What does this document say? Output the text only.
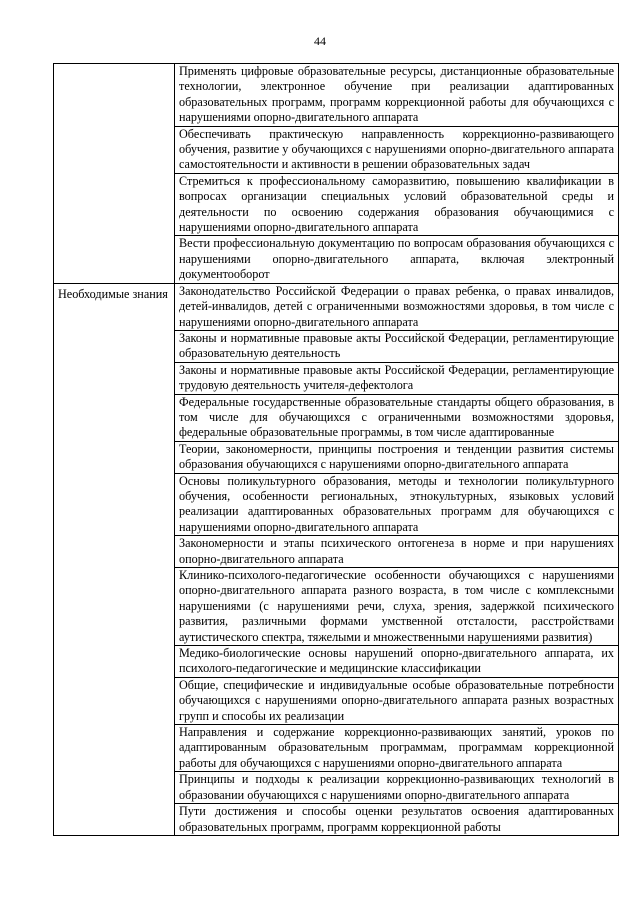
44
	Применять цифровые образовательные ресурсы, дистанционные образовательные технологии, электронное обучение при реализации адаптированных образовательных программ, программ коррекционной работы для обучающихся с нарушениями опорно-двигательного аппарата
	Обеспечивать практическую направленность коррекционно-развивающего обучения, развитие у обучающихся с нарушениями опорно-двигательного аппарата самостоятельности и активности в решении образовательных задач
	Стремиться к профессиональному саморазвитию, повышению квалификации в вопросах организации специальных условий образовательной среды и деятельности по освоению содержания образования обучающимися с нарушениями опорно-двигательного аппарата
	Вести профессиональную документацию по вопросам образования обучающихся с нарушениями опорно-двигательного аппарата, включая электронный документооборот
Необходимые знания	Законодательство Российской Федерации о правах ребенка, о правах инвалидов, детей-инвалидов, детей с ограниченными возможностями здоровья, в том числе с нарушениями опорно-двигательного аппарата
	Законы и нормативные правовые акты Российской Федерации, регламентирующие образовательную деятельность
	Законы и нормативные правовые акты Российской Федерации, регламентирующие трудовую деятельность учителя-дефектолога
	Федеральные государственные образовательные стандарты общего образования, в том числе для обучающихся с ограниченными возможностями здоровья, федеральные образовательные программы, в том числе адаптированные
	Теории, закономерности, принципы построения и тенденции развития системы образования обучающихся с нарушениями опорно-двигательного аппарата
	Основы поликультурного образования, методы и технологии поликультурного обучения, особенности региональных, этнокультурных, языковых условий реализации адаптированных образовательных программ для обучающихся с нарушениями опорно-двигательного аппарата
	Закономерности и этапы психического онтогенеза в норме и при нарушениях опорно-двигательного аппарата
	Клинико-психолого-педагогические особенности обучающихся с нарушениями опорно-двигательного аппарата разного возраста, в том числе с комплексными нарушениями (с нарушениями речи, слуха, зрения, задержкой психического развития, различными формами умственной отсталости, расстройствами аутистического спектра, тяжелыми и множественными нарушениями развития)
	Медико-биологические основы нарушений опорно-двигательного аппарата, их психолого-педагогические и медицинские классификации
	Общие, специфические и индивидуальные особые образовательные потребности обучающихся с нарушениями опорно-двигательного аппарата разных возрастных групп и способы их реализации
	Направления и содержание коррекционно-развивающих занятий, уроков по адаптированным образовательным программам, программам коррекционной работы для обучающихся с нарушениями опорно-двигательного аппарата
	Принципы и подходы к реализации коррекционно-развивающих технологий в образовании обучающихся с нарушениями опорно-двигательного аппарата
	Пути достижения и способы оценки результатов освоения адаптированных образовательных программ, программ коррекционной работы
